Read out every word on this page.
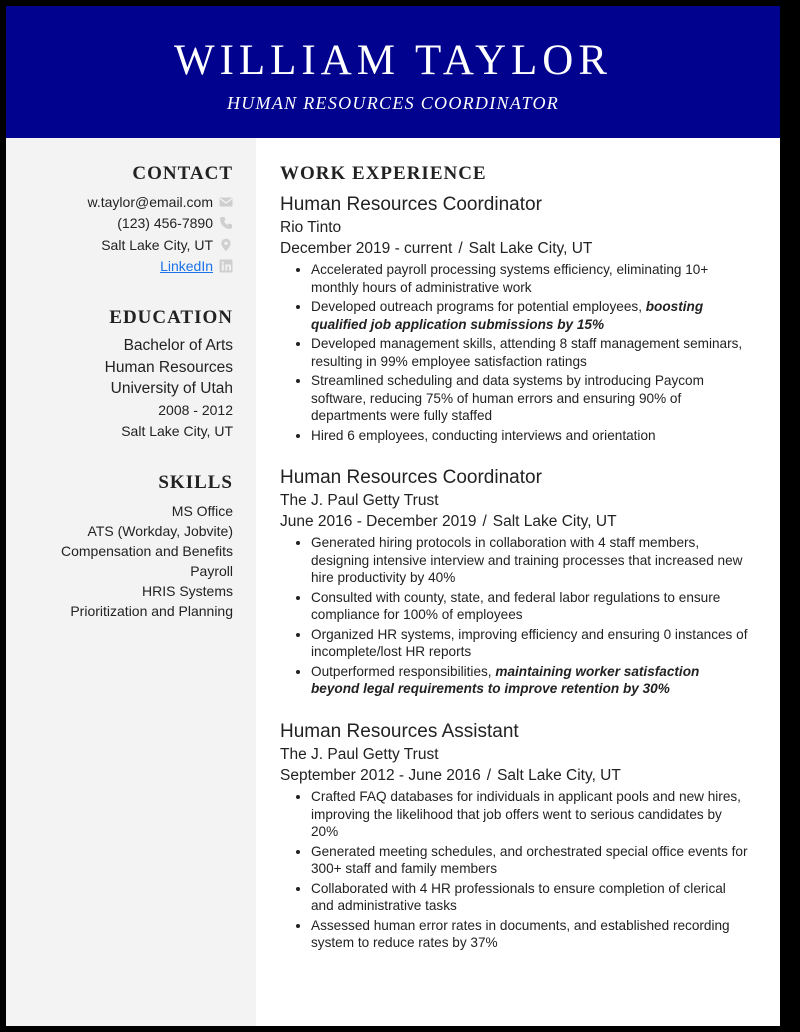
WILLIAM TAYLOR
HUMAN RESOURCES COORDINATOR
CONTACT
w.taylor@email.com
(123) 456-7890
Salt Lake City, UT
LinkedIn
EDUCATION
Bachelor of Arts
Human Resources
University of Utah
2008 - 2012
Salt Lake City, UT
SKILLS
MS Office
ATS (Workday, Jobvite)
Compensation and Benefits
Payroll
HRIS Systems
Prioritization and Planning
WORK EXPERIENCE
Human Resources Coordinator
Rio Tinto
December 2019 - current / Salt Lake City, UT
• Accelerated payroll processing systems efficiency, eliminating 10+ monthly hours of administrative work
• Developed outreach programs for potential employees, boosting qualified job application submissions by 15%
• Developed management skills, attending 8 staff management seminars, resulting in 99% employee satisfaction ratings
• Streamlined scheduling and data systems by introducing Paycom software, reducing 75% of human errors and ensuring 90% of departments were fully staffed
• Hired 6 employees, conducting interviews and orientation
Human Resources Coordinator
The J. Paul Getty Trust
June 2016 - December 2019 / Salt Lake City, UT
• Generated hiring protocols in collaboration with 4 staff members, designing intensive interview and training processes that increased new hire productivity by 40%
• Consulted with county, state, and federal labor regulations to ensure compliance for 100% of employees
• Organized HR systems, improving efficiency and ensuring 0 instances of incomplete/lost HR reports
• Outperformed responsibilities, maintaining worker satisfaction beyond legal requirements to improve retention by 30%
Human Resources Assistant
The J. Paul Getty Trust
September 2012 - June 2016 / Salt Lake City, UT
• Crafted FAQ databases for individuals in applicant pools and new hires, improving the likelihood that job offers went to serious candidates by 20%
• Generated meeting schedules, and orchestrated special office events for 300+ staff and family members
• Collaborated with 4 HR professionals to ensure completion of clerical and administrative tasks
• Assessed human error rates in documents, and established recording system to reduce rates by 37%
